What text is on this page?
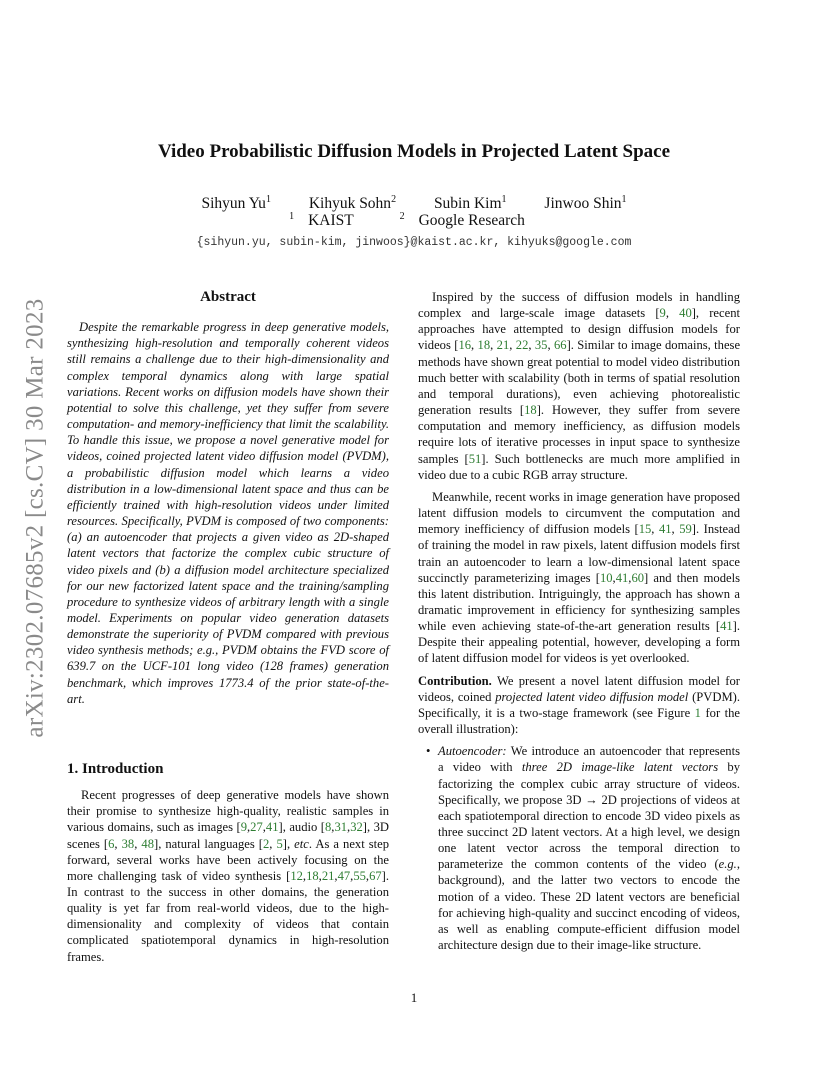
arXiv:2302.07685v2 [cs.CV] 30 Mar 2023
Video Probabilistic Diffusion Models in Projected Latent Space
Sihyun Yu$^1$ Kihyuk Sohn$^2$ Subin Kim$^1$ Jinwoo Shin$^1$
$^1$ KAIST	$^2$ Google Research
{sihyun.yu, subin-kim, jinwoos}@kaist.ac.kr, kihyuks@google.com
Abstract

Despite the remarkable progress in deep generative models, synthesizing high-resolution and temporally coherent videos still remains a challenge due to their high-dimensionality and complex temporal dynamics along with large spatial variations. Recent works on diffusion models have shown their potential to solve this challenge, yet they suffer from severe computation- and memory-inefficiency that limit the scalability. To handle this issue, we propose a novel generative model for videos, coined projected latent video diffusion model (PVDM), a probabilistic diffusion model which learns a video distribution in a low-dimensional latent space and thus can be efficiently trained with high-resolution videos under limited resources. Specifically, PVDM is composed of two components: (a) an autoencoder that projects a given video as 2D-shaped latent vectors that factorize the complex cubic structure of video pixels and (b) a diffusion model architecture specialized for our new factorized latent space and the training/sampling procedure to synthesize videos of arbitrary length with a single model. Experiments on popular video generation datasets demonstrate the superiority of PVDM compared with previous video synthesis methods; e.g., PVDM obtains the FVD score of 639.7 on the UCF-101 long video (128 frames) generation benchmark, which improves 1773.4 of the prior state-of-the-art.

1. Introduction

Recent progresses of deep generative models have shown their promise to synthesize high-quality, realistic samples in various domains, such as images [9,27,41], audio [8,31,32], 3D scenes [6, 38, 48], natural languages [2, 5], etc. As a next step forward, several works have been actively focusing on the more challenging task of video synthesis [12,18,21,47,55,67]. In contrast to the success in other domains, the generation quality is yet far from real-world videos, due to the high-dimensionality and complexity of videos that contain complicated spatiotemporal dynamics in high-resolution frames.

Inspired by the success of diffusion models in handling complex and large-scale image datasets [9, 40], recent approaches have attempted to design diffusion models for videos [16, 18, 21, 22, 35, 66]. Similar to image domains, these methods have shown great potential to model video distribution much better with scalability (both in terms of spatial resolution and temporal durations), even achieving photorealistic generation results [18]. However, they suffer from severe computation and memory inefficiency, as diffusion models require lots of iterative processes in input space to synthesize samples [51]. Such bottlenecks are much more amplified in video due to a cubic RGB array structure.

Meanwhile, recent works in image generation have proposed latent diffusion models to circumvent the computation and memory inefficiency of diffusion models [15, 41, 59]. Instead of training the model in raw pixels, latent diffusion models first train an autoencoder to learn a low-dimensional latent space succinctly parameterizing images [10,41,60] and then models this latent distribution. Intriguingly, the approach has shown a dramatic improvement in efficiency for synthesizing samples while even achieving state-of-the-art generation results [41]. Despite their appealing potential, however, developing a form of latent diffusion model for videos is yet overlooked.

Contribution. We present a novel latent diffusion model for videos, coined projected latent video diffusion model (PVDM). Specifically, it is a two-stage framework (see Figure 1 for the overall illustration):

• Autoencoder: We introduce an autoencoder that represents a video with three 2D image-like latent vectors by factorizing the complex cubic array structure of videos. Specifically, we propose 3D → 2D projections of videos at each spatiotemporal direction to encode 3D video pixels as three succinct 2D latent vectors. At a high level, we design one latent vector across the temporal direction to parameterize the common contents of the video (e.g., background), and the latter two vectors to encode the motion of a video. These 2D latent vectors are beneficial for achieving high-quality and succinct encoding of videos, as well as enabling compute-efficient diffusion model architecture design due to their image-like structure.
1
